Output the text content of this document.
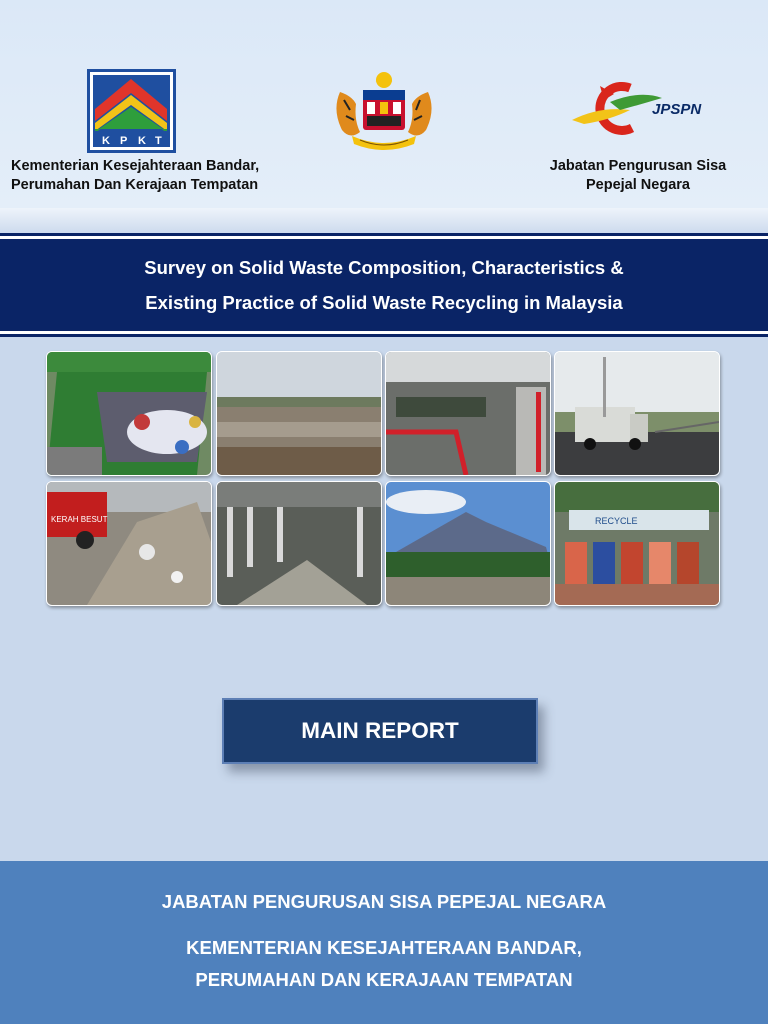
K P K T
JPSPN
Kementerian Kesejahteraan Bandar,
Perumahan Dan Kerajaan Tempatan
Jabatan Pengurusan Sisa
Pepejal Negara
Survey on Solid Waste Composition, Characteristics &
Existing Practice of Solid Waste Recycling in Malaysia
KERAH BESUT	RECYCLE
MAIN REPORT
JABATAN PENGURUSAN SISA PEPEJAL NEGARA
KEMENTERIAN KESEJAHTERAAN BANDAR,
PERUMAHAN DAN KERAJAAN TEMPATAN
